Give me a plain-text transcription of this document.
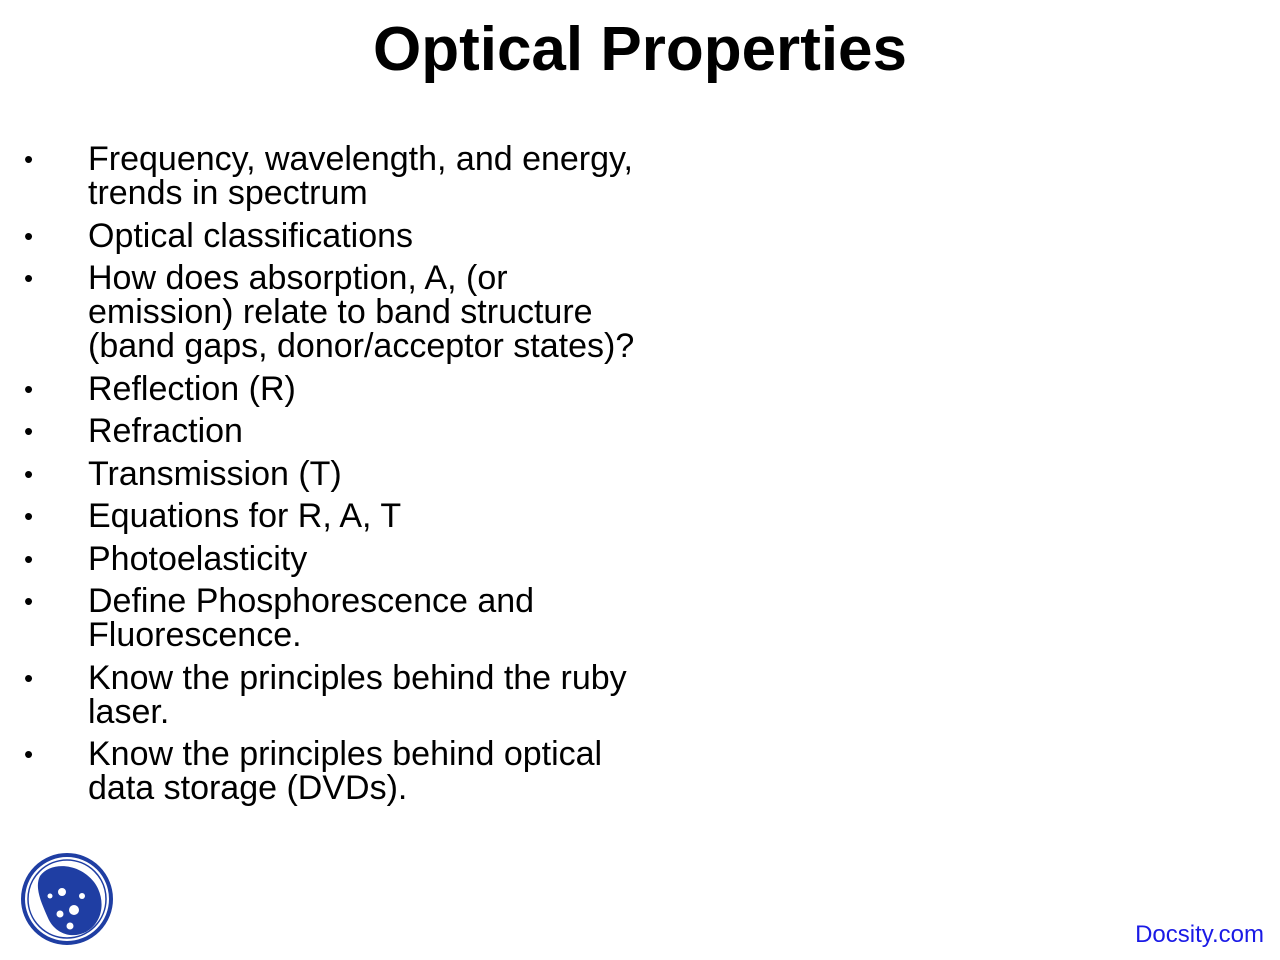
Optical Properties
• Frequency, wavelength, and energy, trends in spectrum
• Optical classifications
• How does absorption, A, (or emission) relate to band structure (band gaps, donor/acceptor states)?
• Reflection (R)
• Refraction
• Transmission (T)
• Equations for R, A, T
• Photoelasticity
• Define Phosphorescence and Fluorescence.
• Know the principles behind the ruby laser.
• Know the principles behind optical data storage (DVDs).
Docsity.com
